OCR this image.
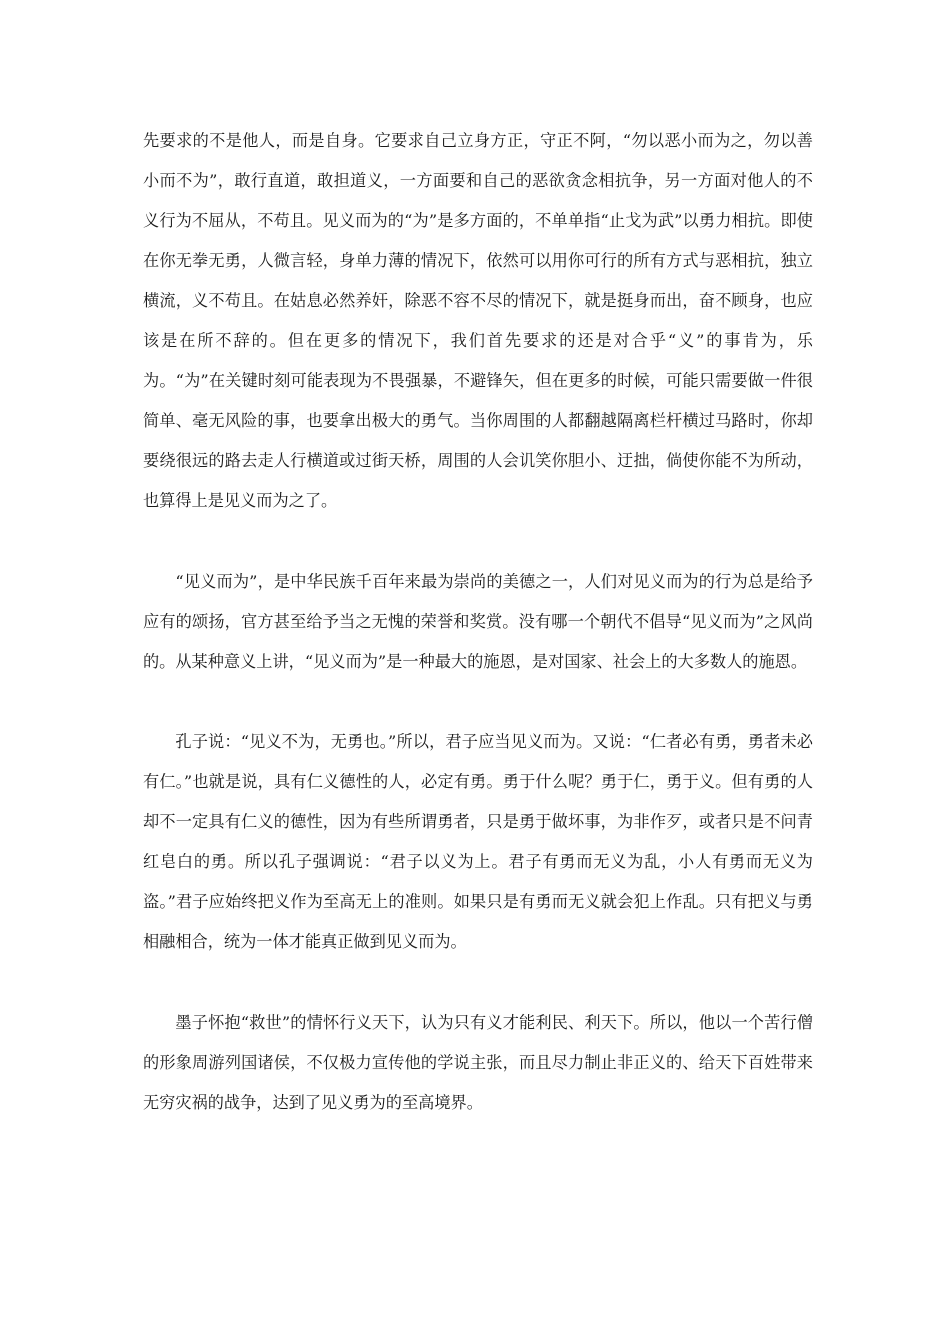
先要求的不是他人，而是自身。它要求自己立身方正，守正不阿，“勿以恶小而为之，勿以善小而不为”，敢行直道，敢担道义，一方面要和自己的恶欲贪念相抗争，另一方面对他人的不义行为不屈从，不苟且。见义而为的“为”是多方面的，不单单指“止戈为武”以勇力相抗。即使在你无拳无勇，人微言轻，身单力薄的情况下，依然可以用你可行的所有方式与恶相抗，独立横流，义不苟且。在姑息必然养奸，除恶不容不尽的情况下，就是挺身而出，奋不顾身，也应该是在所不辞的。但在更多的情况下，我们首先要求的还是对合乎“义”的事肯为，乐为。“为”在关键时刻可能表现为不畏强暴，不避锋矢，但在更多的时候，可能只需要做一件很简单、毫无风险的事，也要拿出极大的勇气。当你周围的人都翻越隔离栏杆横过马路时，你却要绕很远的路去走人行横道或过街天桥，周围的人会讥笑你胆小、迂拙，倘使你能不为所动，也算得上是见义而为之了。

“见义而为”，是中华民族千百年来最为崇尚的美德之一，人们对见义而为的行为总是给予应有的颂扬，官方甚至给予当之无愧的荣誉和奖赏。没有哪一个朝代不倡导“见义而为”之风尚的。从某种意义上讲，“见义而为”是一种最大的施恩，是对国家、社会上的大多数人的施恩。

孔子说：“见义不为，无勇也。”所以，君子应当见义而为。又说：“仁者必有勇，勇者未必有仁。”也就是说，具有仁义德性的人，必定有勇。勇于什么呢？勇于仁，勇于义。但有勇的人却不一定具有仁义的德性，因为有些所谓勇者，只是勇于做坏事，为非作歹，或者只是不问青红皂白的勇。所以孔子强调说：“君子以义为上。君子有勇而无义为乱，小人有勇而无义为盗。”君子应始终把义作为至高无上的准则。如果只是有勇而无义就会犯上作乱。只有把义与勇相融相合，统为一体才能真正做到见义而为。

墨子怀抱“救世”的情怀行义天下，认为只有义才能利民、利天下。所以，他以一个苦行僧的形象周游列国诸侯，不仅极力宣传他的学说主张，而且尽力制止非正义的、给天下百姓带来无穷灾祸的战争，达到了见义勇为的至高境界。
